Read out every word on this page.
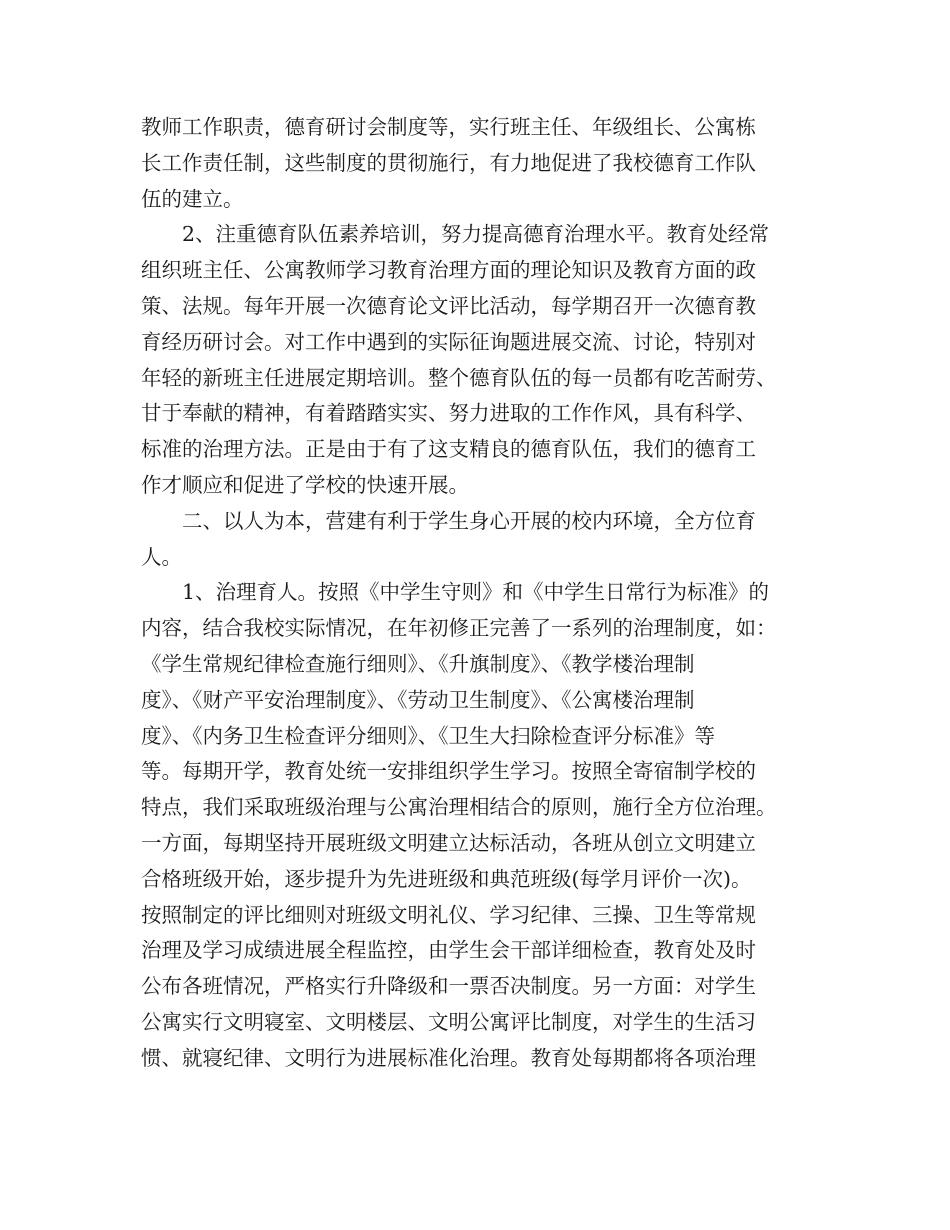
教师工作职责，德育研讨会制度等，实行班主任、年级组长、公寓栋
长工作责任制，这些制度的贯彻施行，有力地促进了我校德育工作队
伍的建立。
2、注重德育队伍素养培训，努力提高德育治理水平。教育处经常
组织班主任、公寓教师学习教育治理方面的理论知识及教育方面的政
策、法规。每年开展一次德育论文评比活动，每学期召开一次德育教
育经历研讨会。对工作中遇到的实际征询题进展交流、讨论，特别对
年轻的新班主任进展定期培训。整个德育队伍的每一员都有吃苦耐劳、
甘于奉献的精神，有着踏踏实实、努力进取的工作作风，具有科学、
标准的治理方法。正是由于有了这支精良的德育队伍，我们的德育工
作才顺应和促进了学校的快速开展。
二、以人为本，营建有利于学生身心开展的校内环境，全方位育
人。
1、治理育人。按照《中学生守则》和《中学生日常行为标准》的
内容，结合我校实际情况，在年初修正完善了一系列的治理制度，如：
《学生常规纪律检查施行细则》、《升旗制度》、《教学楼治理制
度》、《财产平安治理制度》、《劳动卫生制度》、《公寓楼治理制
度》、《内务卫生检查评分细则》、《卫生大扫除检查评分标准》等
等。每期开学，教育处统一安排组织学生学习。按照全寄宿制学校的
特点，我们采取班级治理与公寓治理相结合的原则，施行全方位治理。
一方面，每期坚持开展班级文明建立达标活动，各班从创立文明建立
合格班级开始，逐步提升为先进班级和典范班级(每学月评价一次)。
按照制定的评比细则对班级文明礼仪、学习纪律、三操、卫生等常规
治理及学习成绩进展全程监控，由学生会干部详细检查，教育处及时
公布各班情况，严格实行升降级和一票否决制度。另一方面：对学生
公寓实行文明寝室、文明楼层、文明公寓评比制度，对学生的生活习
惯、就寝纪律、文明行为进展标准化治理。教育处每期都将各项治理
